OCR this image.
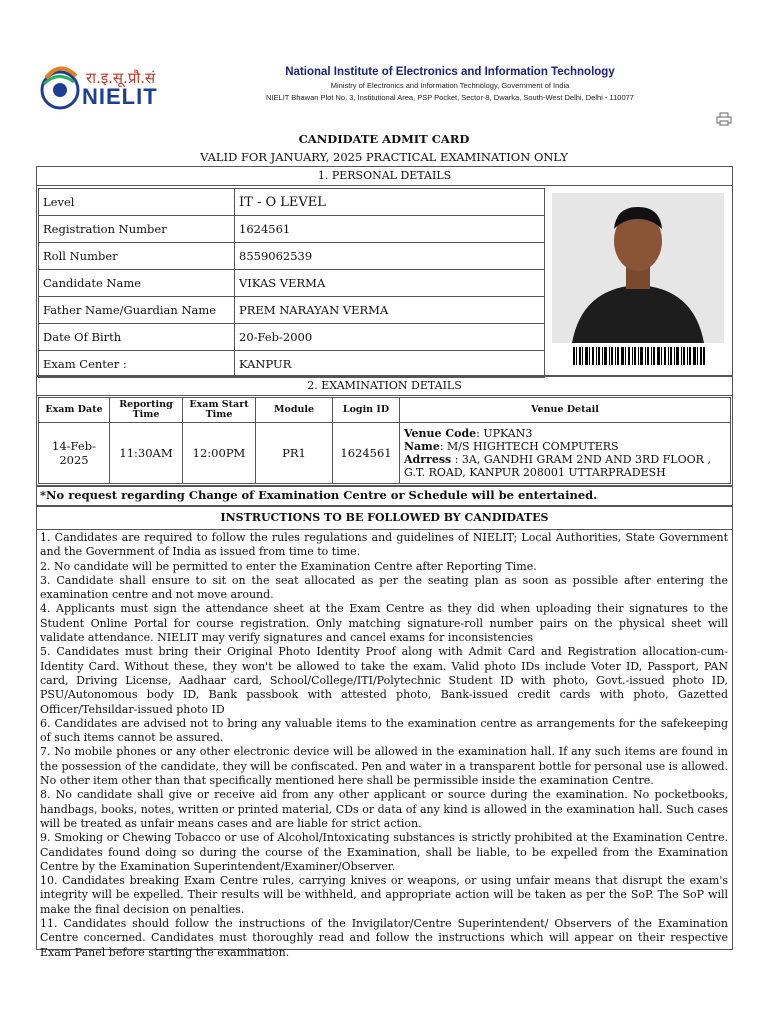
रा.इ.सू.प्रौ.सं
NIELIT
National Institute of Electronics and Information Technology
Ministry of Electronics and Information Technology, Government of India
NIELIT Bhawan Plot No. 3, Institutional Area, PSP Pocket, Sector-8, Dwarka, South-West Delhi, Delhi - 110077
CANDIDATE ADMIT CARD
VALID FOR JANUARY, 2025 PRACTICAL EXAMINATION ONLY
1. PERSONAL DETAILS
Level	IT - O LEVEL
Registration Number	1624561
Roll Number	8559062539
Candidate Name	VIKAS VERMA
Father Name/Guardian Name	PREM NARAYAN VERMA
Date Of Birth	20-Feb-2000
Exam Center :	KANPUR
2. EXAMINATION DETAILS
Exam Date	Reporting Time	Exam Start Time	Module	Login ID	Venue Detail
14-Feb-2025	11:30AM	12:00PM	PR1	1624561	Venue Code: UPKAN3
Name: M/S HIGHTECH COMPUTERS
Adrress : 3A, GANDHI GRAM 2ND AND 3RD FLOOR , G.T. ROAD, KANPUR 208001 UTTARPRADESH
*No request regarding Change of Examination Centre or Schedule will be entertained.
INSTRUCTIONS TO BE FOLLOWED BY CANDIDATES

1. Candidates are required to follow the rules regulations and guidelines of NIELIT; Local Authorities, State Government and the Government of India as issued from time to time.

2. No candidate will be permitted to enter the Examination Centre after Reporting Time.

3. Candidate shall ensure to sit on the seat allocated as per the seating plan as soon as possible after entering the examination centre and not move around.

4. Applicants must sign the attendance sheet at the Exam Centre as they did when uploading their signatures to the Student Online Portal for course registration. Only matching signature-roll number pairs on the physical sheet will validate attendance. NIELIT may verify signatures and cancel exams for inconsistencies

5. Candidates must bring their Original Photo Identity Proof along with Admit Card and Registration allocation-cum-Identity Card. Without these, they won't be allowed to take the exam. Valid photo IDs include Voter ID, Passport, PAN card, Driving License, Aadhaar card, School/College/ITI/Polytechnic Student ID with photo, Govt.-issued photo ID, PSU/Autonomous body ID, Bank passbook with attested photo, Bank-issued credit cards with photo, Gazetted Officer/Tehsildar-issued photo ID

6. Candidates are advised not to bring any valuable items to the examination centre as arrangements for the safekeeping of such items cannot be assured.

7. No mobile phones or any other electronic device will be allowed in the examination hall. If any such items are found in the possession of the candidate, they will be confiscated. Pen and water in a transparent bottle for personal use is allowed. No other item other than that specifically mentioned here shall be permissible inside the examination Centre.

8. No candidate shall give or receive aid from any other applicant or source during the examination. No pocketbooks, handbags, books, notes, written or printed material, CDs or data of any kind is allowed in the examination hall. Such cases will be treated as unfair means cases and are liable for strict action.

9. Smoking or Chewing Tobacco or use of Alcohol/Intoxicating substances is strictly prohibited at the Examination Centre. Candidates found doing so during the course of the Examination, shall be liable, to be expelled from the Examination Centre by the Examination Superintendent/Examiner/Observer.

10. Candidates breaking Exam Centre rules, carrying knives or weapons, or using unfair means that disrupt the exam's integrity will be expelled. Their results will be withheld, and appropriate action will be taken as per the SoP. The SoP will make the final decision on penalties.

11. Candidates should follow the instructions of the Invigilator/Centre Superintendent/ Observers of the Examination Centre concerned. Candidates must thoroughly read and follow the instructions which will appear on their respective Exam Panel before starting the examination.
